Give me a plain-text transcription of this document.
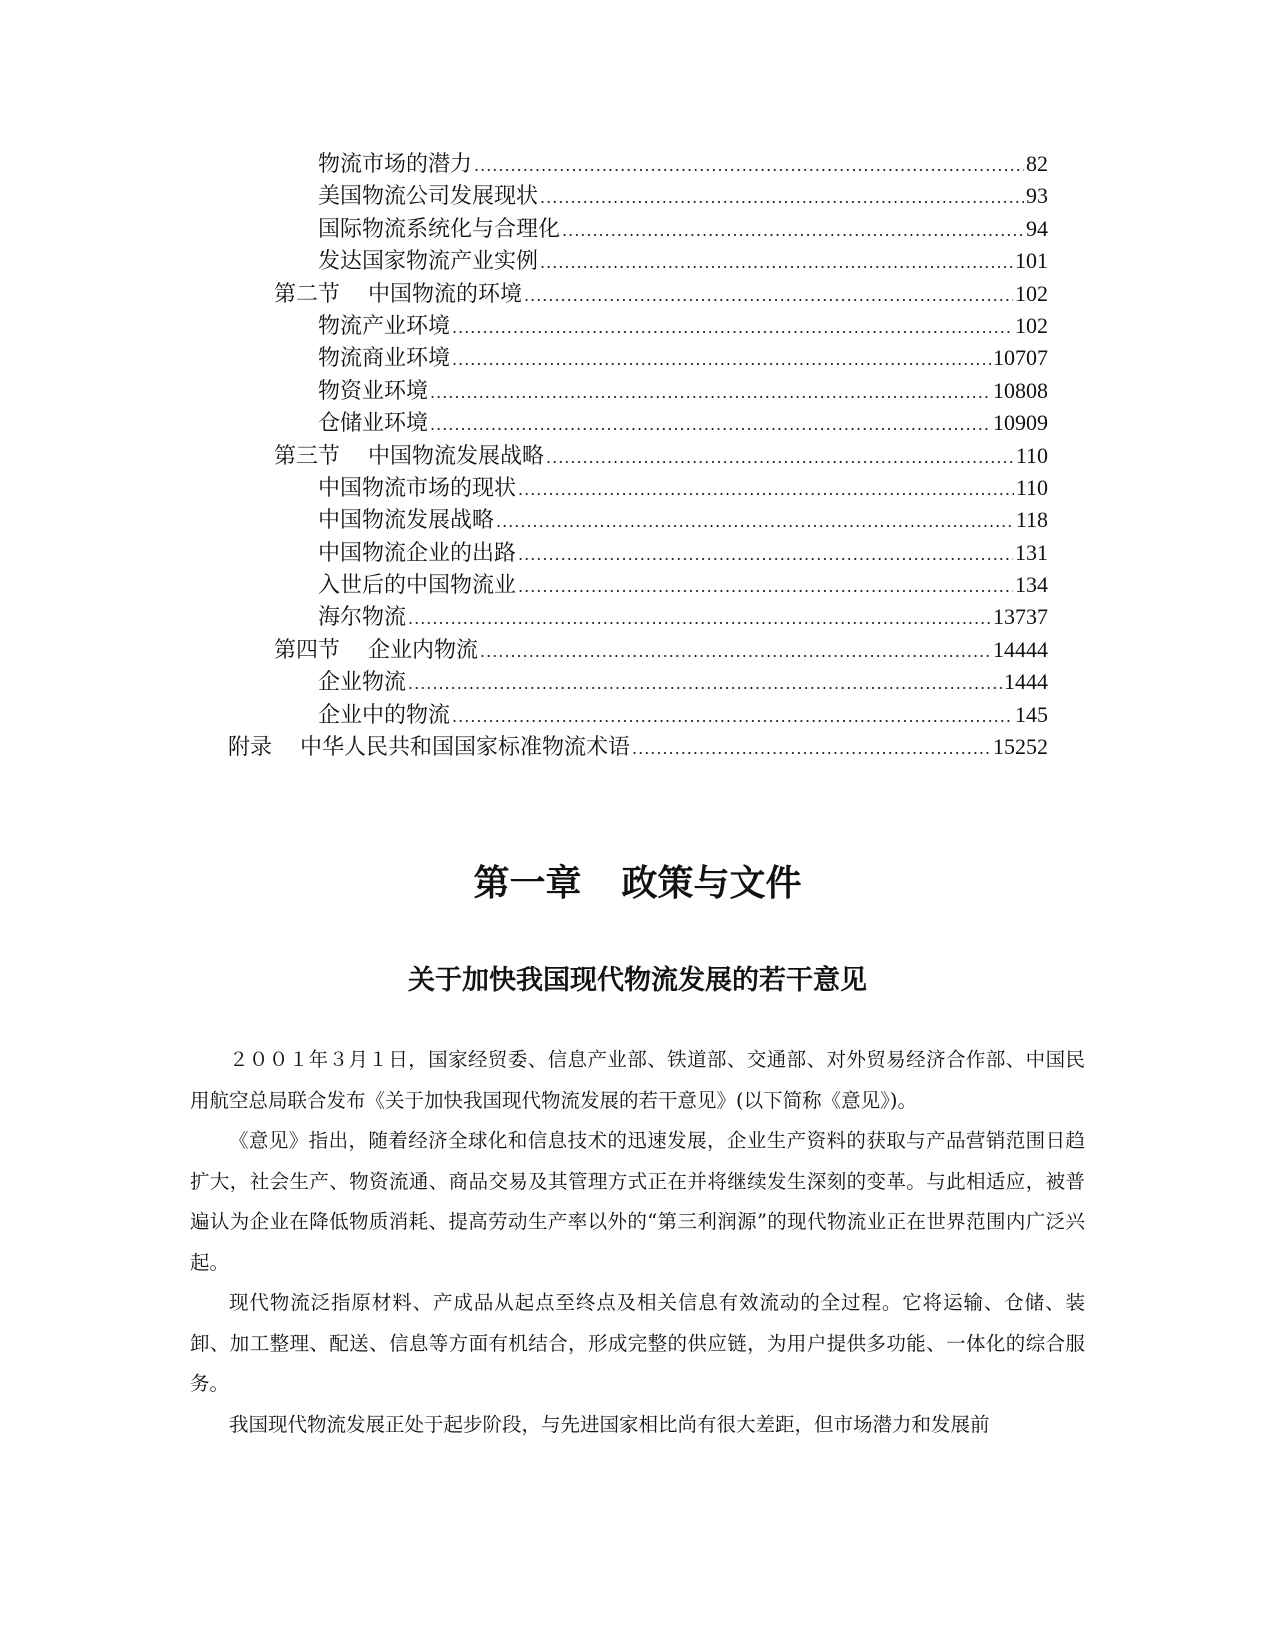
物流市场的潜力 .....	82
美国物流公司发展现状 .....	93
国际物流系统化与合理化 .....	94
发达国家物流产业实例 .....	101
第二节 中国物流的环境 .....	102
物流产业环境 .....	102
物流商业环境 .....	10707
物资业环境 .....	10808
仓储业环境 .....	10909
第三节 中国物流发展战略 .....	110
中国物流市场的现状 .....	110
中国物流发展战略 .....	118
中国物流企业的出路 .....	131
入世后的中国物流业 .....	134
海尔物流 .....	13737
第四节 企业内物流 .....	14444
企业物流 .....	1444
企业中的物流 .....	145
附录 中华人民共和国国家标准物流术语 .....	15252
第一章 政策与文件
关于加快我国现代物流发展的若干意见

２００１年３月１日，国家经贸委、信息产业部、铁道部、交通部、对外贸易经济合作部、中国民用航空总局联合发布《关于加快我国现代物流发展的若干意见》(以下简称《意见》)。

《意见》指出，随着经济全球化和信息技术的迅速发展，企业生产资料的获取与产品营销范围日趋扩大，社会生产、物资流通、商品交易及其管理方式正在并将继续发生深刻的变革。与此相适应，被普遍认为企业在降低物质消耗、提高劳动生产率以外的“第三利润源”的现代物流业正在世界范围内广泛兴起。

现代物流泛指原材料、产成品从起点至终点及相关信息有效流动的全过程。它将运输、仓储、装卸、加工整理、配送、信息等方面有机结合，形成完整的供应链，为用户提供多功能、一体化的综合服务。

我国现代物流发展正处于起步阶段，与先进国家相比尚有很大差距，但市场潜力和发展前
